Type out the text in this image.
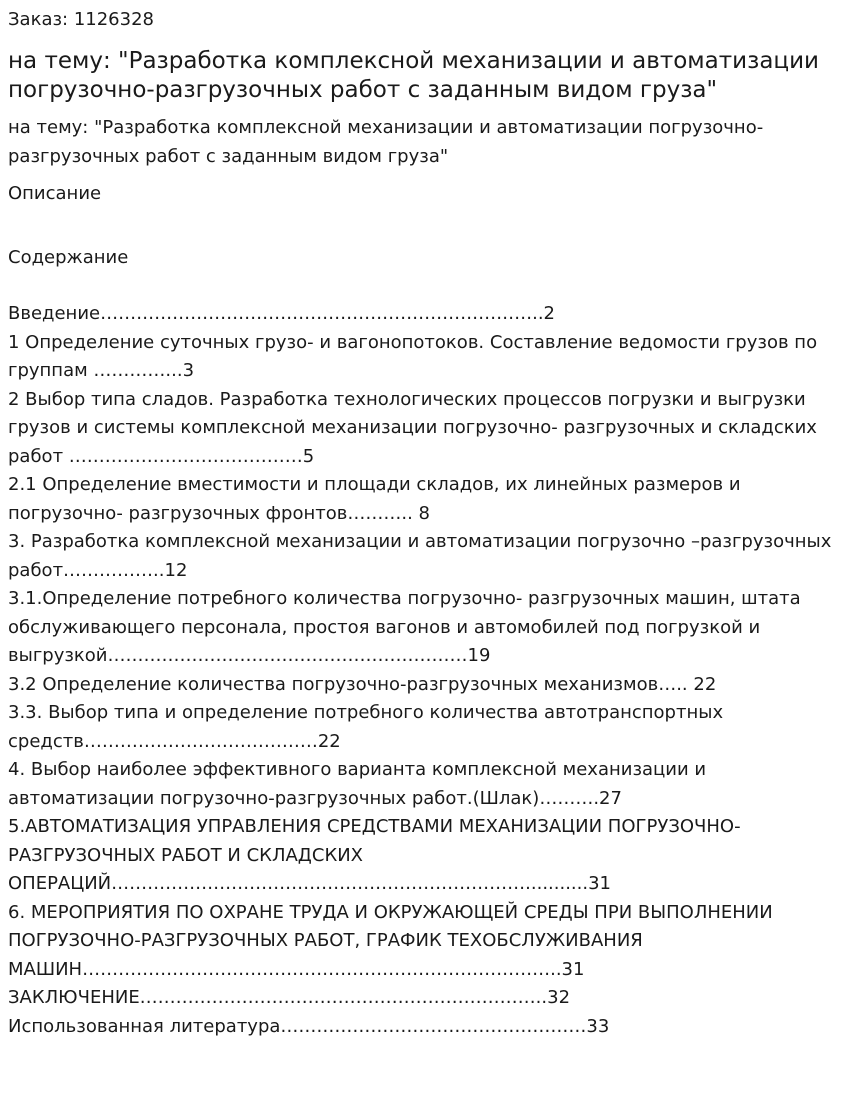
Заказ: 1126328
на тему: "Разработка комплексной механизации и автоматизации погрузочно-разгрузочных работ с заданным видом груза"
на тему: "Разработка комплексной механизации и автоматизации погрузочно-разгрузочных работ с заданным видом груза"
Описание
Содержание
Введение………………………………………………………………..2
1 Определение суточных грузо- и вагонопотоков. Составление ведомости грузов по группам …………...3
2 Выбор типа сладов. Разработка технологических процессов погрузки и выгрузки грузов и системы комплексной механизации погрузочно- разгрузочных и складских работ …………………………………5
2.1 Определение вместимости и площади складов, их линейных размеров и погрузочно- разгрузочных фронтов……….. 8
3. Разработка комплексной механизации и автоматизации погрузочно –разгрузочных работ……………..12
3.1.Определение потребного количества погрузочно- разгрузочных машин, штата обслуживающего персонала, простоя вагонов и автомобилей под погрузкой и выгрузкой……………………………………………………19
3.2 Определение количества погрузочно-разгрузочных механизмов….. 22
3.3. Выбор типа и определение потребного количества автотранспортных средств…………………………………22
4. Выбор наиболее эффективного варианта комплексной механизации и автоматизации погрузочно-разгрузочных работ.(Шлак)……….27
5.АВТОМАТИЗАЦИЯ УПРАВЛЕНИЯ СРЕДСТВАМИ МЕХАНИЗАЦИИ ПОГРУЗОЧНО-РАЗГРУЗОЧНЫХ РАБОТ И СКЛАДСКИХ ОПЕРАЦИЙ……………………………………………………………...........31
6. МЕРОПРИЯТИЯ ПО ОХРАНЕ ТРУДА И ОКРУЖАЮЩЕЙ СРЕДЫ ПРИ ВЫПОЛНЕНИИ ПОГРУЗОЧНО-РАЗГРУЗОЧНЫХ РАБОТ, ГРАФИК ТЕХОБСЛУЖИВАНИЯ МАШИН……………………………………………………………………..31
ЗАКЛЮЧЕНИЕ…………………………………………………………..32
Использованная литература……………………………………………33
